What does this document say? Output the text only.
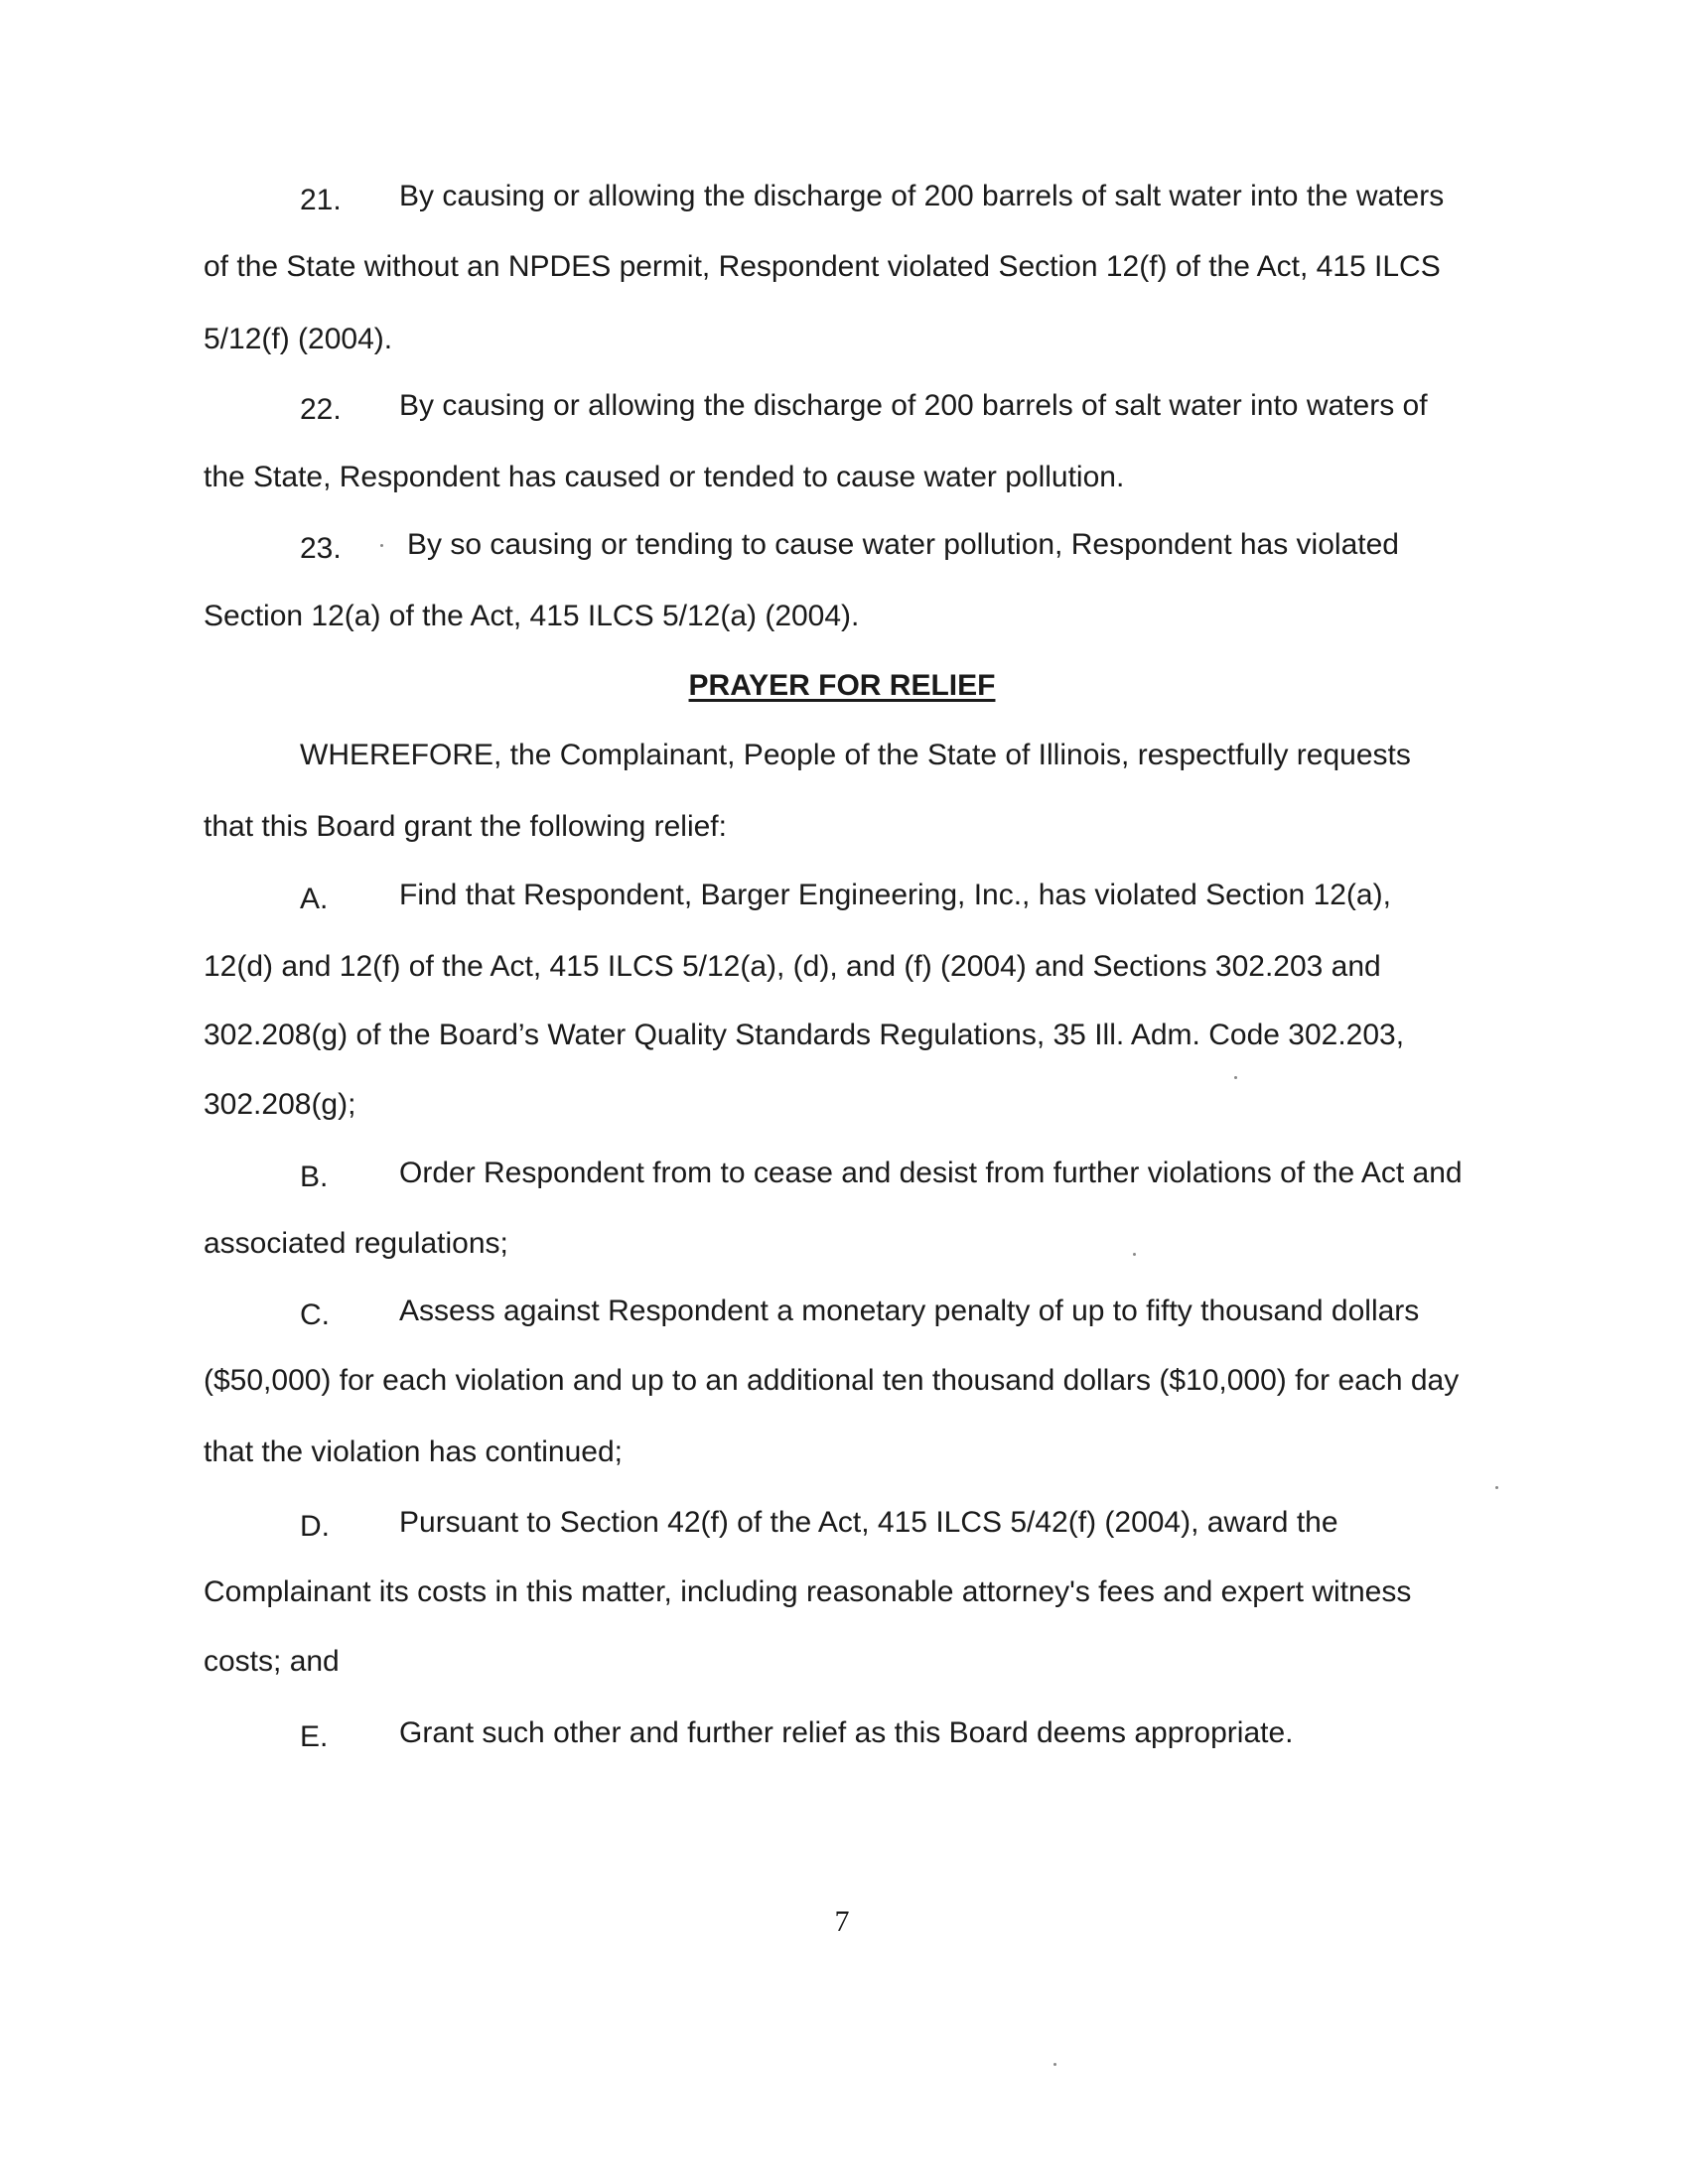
21. By causing or allowing the discharge of 200 barrels of salt water into the waters
of the State without an NPDES permit, Respondent violated Section 12(f) of the Act, 415 ILCS
5/12(f) (2004).
22. By causing or allowing the discharge of 200 barrels of salt water into waters of
the State, Respondent has caused or tended to cause water pollution.
23. By so causing or tending to cause water pollution, Respondent has violated
Section 12(a) of the Act, 415 ILCS 5/12(a) (2004).
PRAYER FOR RELIEF
WHEREFORE, the Complainant, People of the State of Illinois, respectfully requests
that this Board grant the following relief:
A. Find that Respondent, Barger Engineering, Inc., has violated Section 12(a),
12(d) and 12(f) of the Act, 415 ILCS 5/12(a), (d), and (f) (2004) and Sections 302.203 and
302.208(g) of the Board’s Water Quality Standards Regulations, 35 Ill. Adm. Code 302.203,
302.208(g);
B. Order Respondent from to cease and desist from further violations of the Act and
associated regulations;
C. Assess against Respondent a monetary penalty of up to fifty thousand dollars
($50,000) for each violation and up to an additional ten thousand dollars ($10,000) for each day
that the violation has continued;
D. Pursuant to Section 42(f) of the Act, 415 ILCS 5/42(f) (2004), award the
Complainant its costs in this matter, including reasonable attorney's fees and expert witness
costs; and
E. Grant such other and further relief as this Board deems appropriate.
7
